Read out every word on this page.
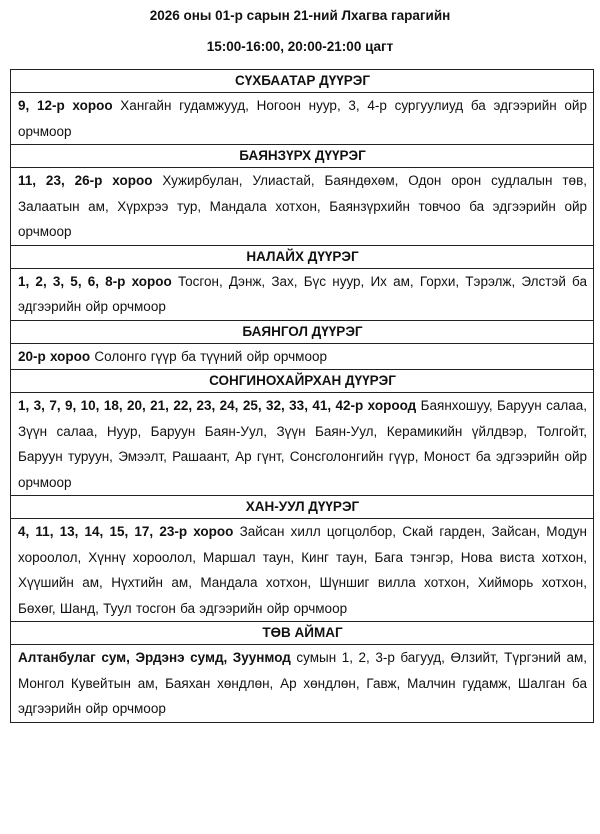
2026 оны 01-р сарын 21-ний Лхагва гарагийн
15:00-16:00, 20:00-21:00 цагт
СҮХБААТАР ДҮҮРЭГ
9, 12-р хороо Хангайн гудамжууд, Ногоон нуур, 3, 4-р сургуулиуд ба эдгээрийн ойр орчмоор
БАЯНЗҮРХ ДҮҮРЭГ
11, 23, 26-р хороо Хужирбулан, Улиастай, Баяндөхөм, Одон орон судлалын төв, Залаатын ам, Хүрхрээ тур, Мандала хотхон, Баянзүрхийн товчоо ба эдгээрийн ойр орчмоор
НАЛАЙХ ДҮҮРЭГ
1, 2, 3, 5, 6, 8-р хороо Тосгон, Дэнж, Зах, Бүс нуур, Их ам, Горхи, Тэрэлж, Элстэй ба эдгээрийн ойр орчмоор
БАЯНГОЛ ДҮҮРЭГ
20-р хороо Солонго гүүр ба түүний ойр орчмоор
СОНГИНОХАЙРХАН ДҮҮРЭГ
1, 3, 7, 9, 10, 18, 20, 21, 22, 23, 24, 25, 32, 33, 41, 42-р хороод Баянхошуу, Баруун салаа, Зүүн салаа, Нуур, Баруун Баян-Уул, Зүүн Баян-Уул, Керамикийн үйлдвэр, Толгойт, Баруун туруун, Эмээлт, Рашаант, Ар гүнт, Сонсголонгийн гүүр, Моност ба эдгээрийн ойр орчмоор
ХАН-УУЛ ДҮҮРЭГ
4, 11, 13, 14, 15, 17, 23-р хороо Зайсан хилл цогцолбор, Скай гарден, Зайсан, Модун хороолол, Хүннү хороолол, Маршал таун, Кинг таун, Бага тэнгэр, Нова виста хотхон, Хүүшийн ам, Нүхтийн ам, Мандала хотхон, Шүншиг вилла хотхон, Хийморь хотхон, Бөхөг, Шанд, Туул тосгон ба эдгээрийн ойр орчмоор
ТӨВ АЙМАГ
Алтанбулаг сум, Эрдэнэ сумд, Зуунмод сумын 1, 2, 3-р багууд, Өлзийт, Түргэний ам, Монгол Кувейтын ам, Баяхан хөндлөн, Ар хөндлөн, Гавж, Малчин гудамж, Шалган ба эдгээрийн ойр орчмоор
